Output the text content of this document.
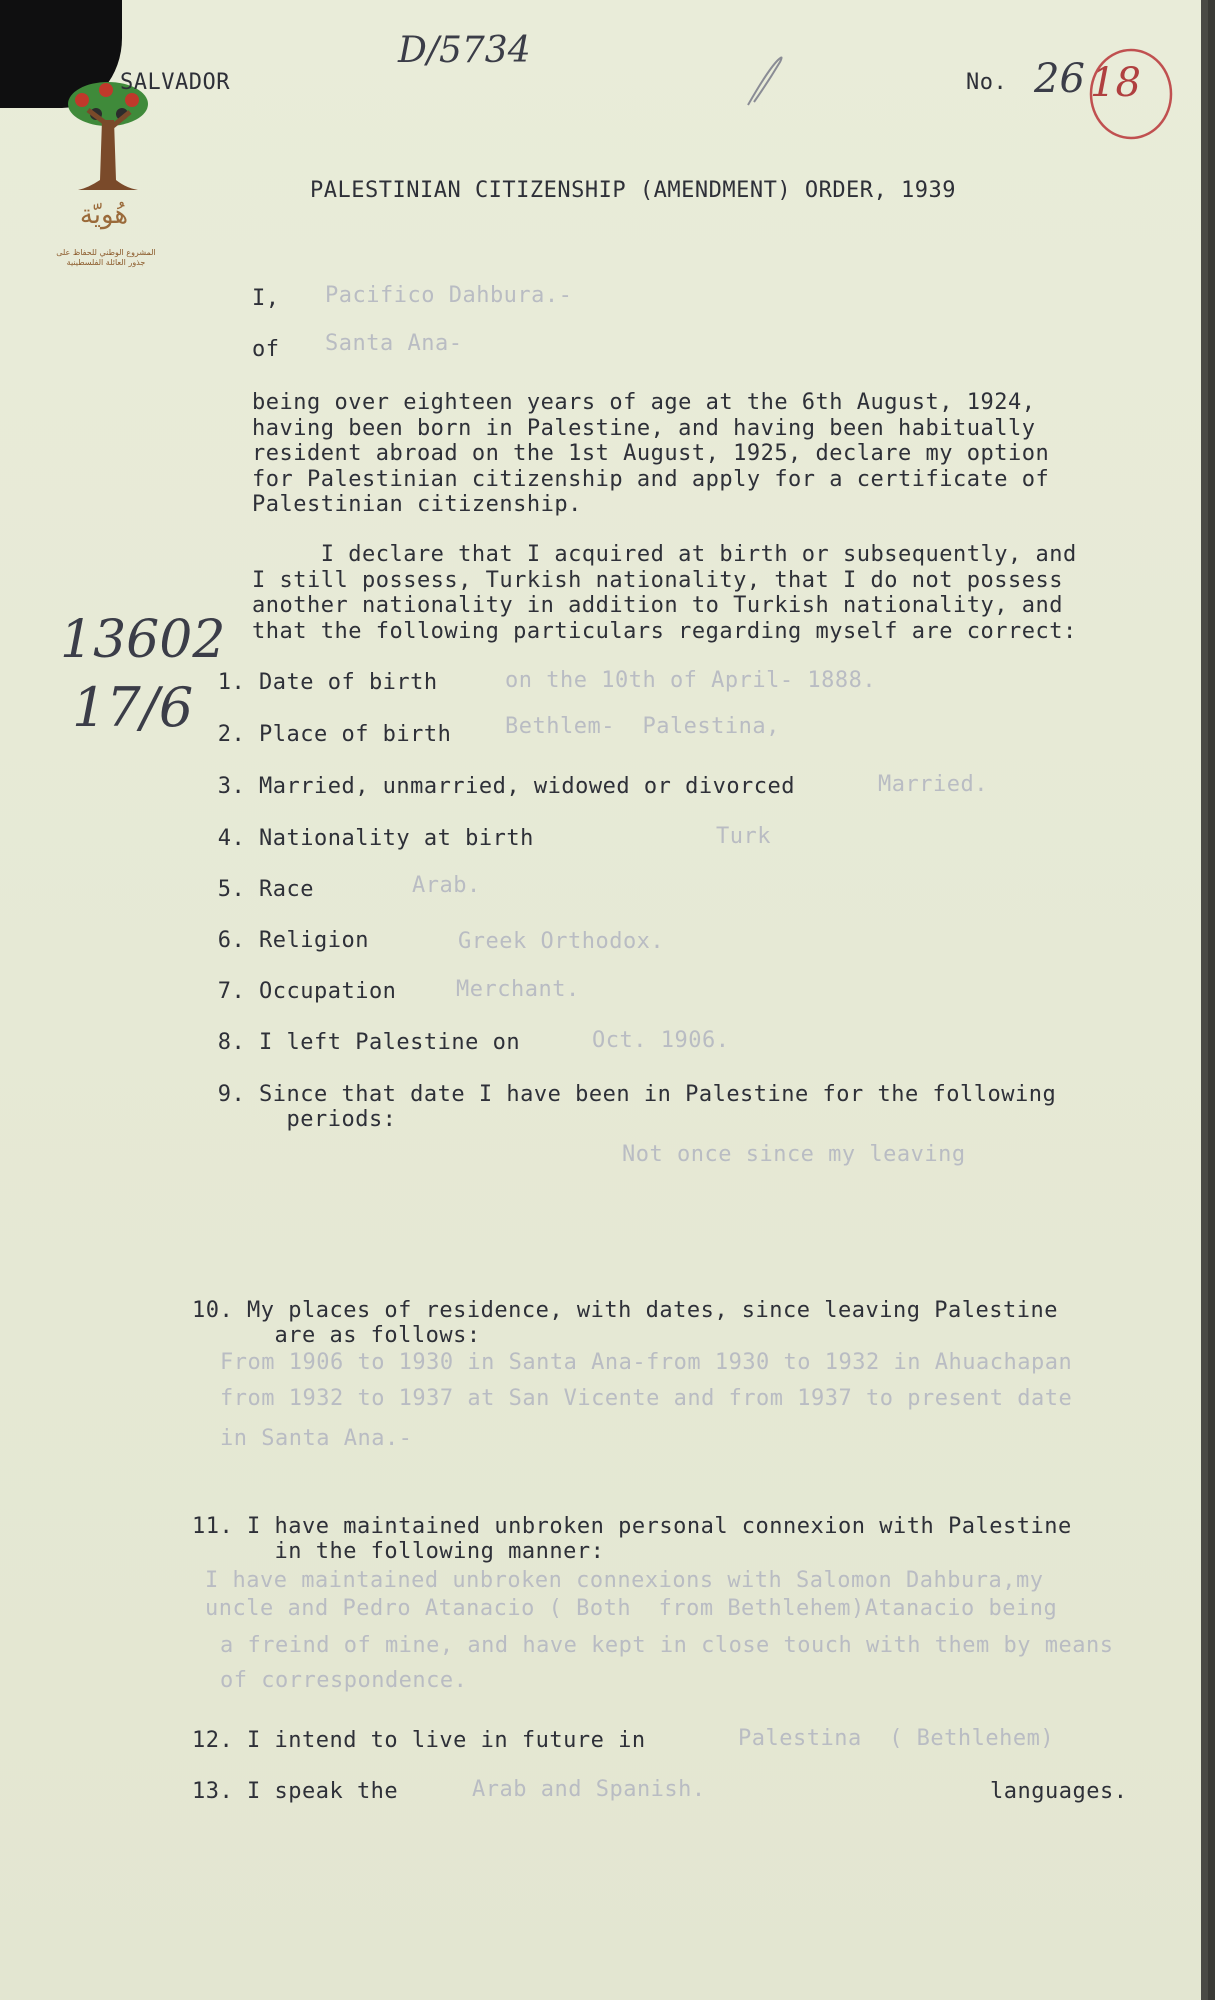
هُويّة
المشروع الوطني للحفاظ على
جذور العائلة الفلسطينية
SALVADOR
D/5734
No. 26 18
PALESTINIAN CITIZENSHIP (AMENDMENT) ORDER, 1939
I, Pacifico Dahbura.-
of Santa Ana-
being over eighteen years of age at the 6th August, 1924,
having been born in Palestine, and having been habitually
resident abroad on the 1st August, 1925, declare my option
for Palestinian citizenship and apply for a certificate of
Palestinian citizenship.
I declare that I acquired at birth or subsequently, and
I still possess, Turkish nationality, that I do not possess
another nationality in addition to Turkish nationality, and
that the following particulars regarding myself are correct:
13602
17/6 1. Date of birth	on the 10th of April- 1888.
2. Place of birth Bethlem-  Palestina,
3. Married, unmarried, widowed or divorced	Married.
4. Nationality at birth	Turk
5. Race	Arab.
6. Religion	Greek Orthodox.
7. Occupation	Merchant.
8. I left Palestine on	Oct. 1906.
9. Since that date I have been in Palestine for the following
periods:
Not once since my leaving
10. My places of residence, with dates, since leaving Palestine
are as follows:
From 1906 to 1930 in Santa Ana-from 1930 to 1932 in Ahuachapan
from 1932 to 1937 at San Vicente and from 1937 to present date
in Santa Ana.-
11. I have maintained unbroken personal connexion with Palestine
in the following manner:
I have maintained unbroken connexions with Salomon Dahbura,my
uncle and Pedro Atanacio ( Both  from Bethlehem)Atanacio being
a freind of mine, and have kept in close touch with them by means
of correspondence.
12. I intend to live in future in	Palestina  ( Bethlehem)
13. I speak the	Arab and Spanish.	languages.
